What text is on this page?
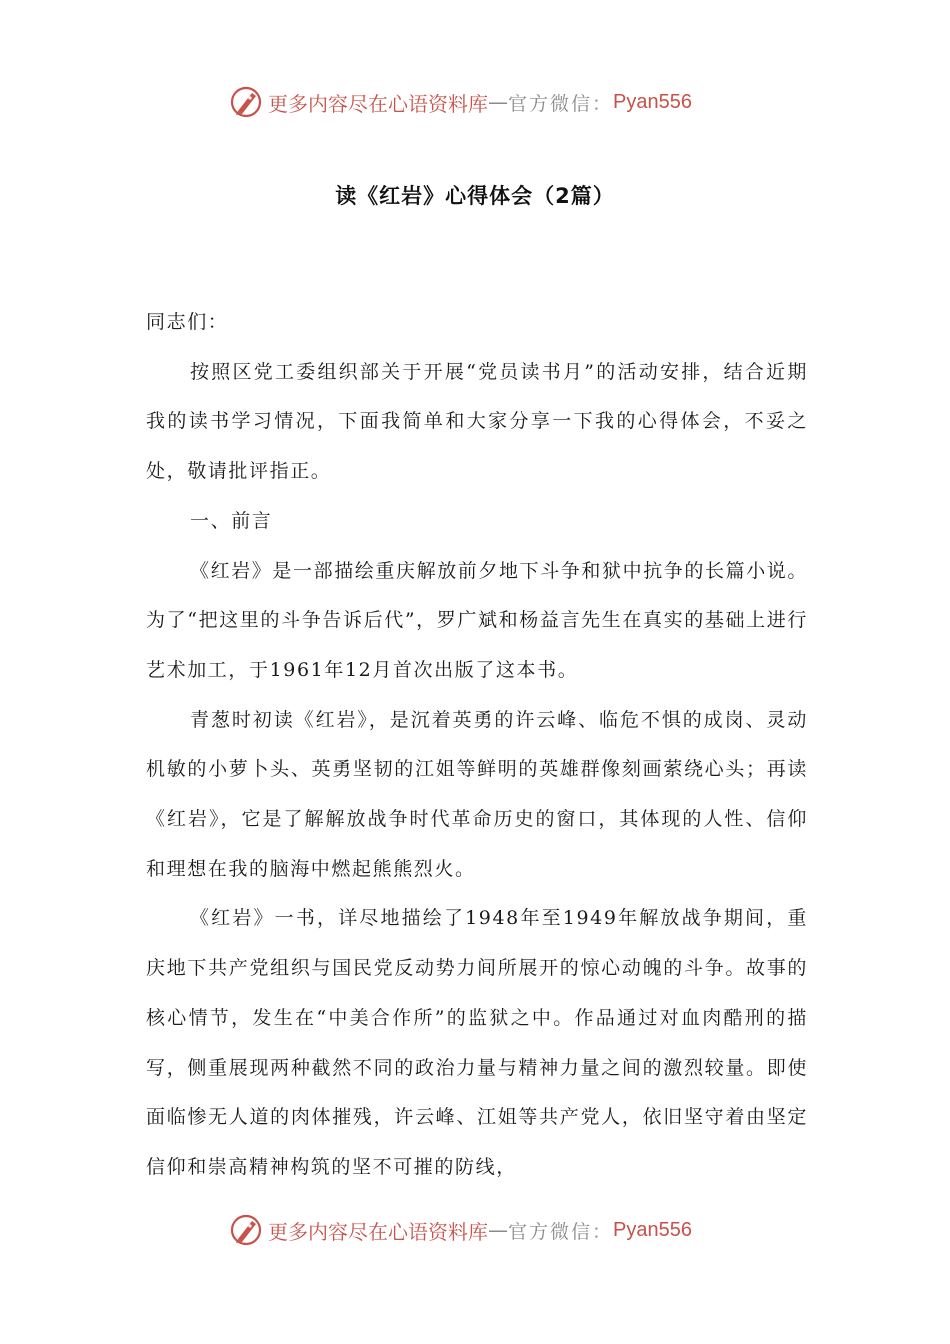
更多内容尽在心语资料库 — 官方微信： Pyan556
读《红岩》心得体会（2篇）

同志们：

按照区党工委组织部关于开展“党员读书月”的活动安排，结合近期我的读书学习情况，下面我简单和大家分享一下我的心得体会，不妥之处，敬请批评指正。

一、前言

《红岩》是一部描绘重庆解放前夕地下斗争和狱中抗争的长篇小说。为了“把这里的斗争告诉后代”，罗广斌和杨益言先生在真实的基础上进行艺术加工，于1961年12月首次出版了这本书。

青葱时初读《红岩》，是沉着英勇的许云峰、临危不惧的成岗、灵动机敏的小萝卜头、英勇坚韧的江姐等鲜明的英雄群像刻画萦绕心头；再读《红岩》，它是了解解放战争时代革命历史的窗口，其体现的人性、信仰和理想在我的脑海中燃起熊熊烈火。

《红岩》一书，详尽地描绘了1948年至1949年解放战争期间，重庆地下共产党组织与国民党反动势力间所展开的惊心动魄的斗争。故事的核心情节，发生在“中美合作所”的监狱之中。作品通过对血肉酷刑的描写，侧重展现两种截然不同的政治力量与精神力量之间的激烈较量。即使面临惨无人道的肉体摧残，许云峰、江姐等共产党人，依旧坚守着由坚定信仰和崇高精神构筑的坚不可摧的防线，

更多内容尽在心语资料库 — 官方微信： Pyan556
